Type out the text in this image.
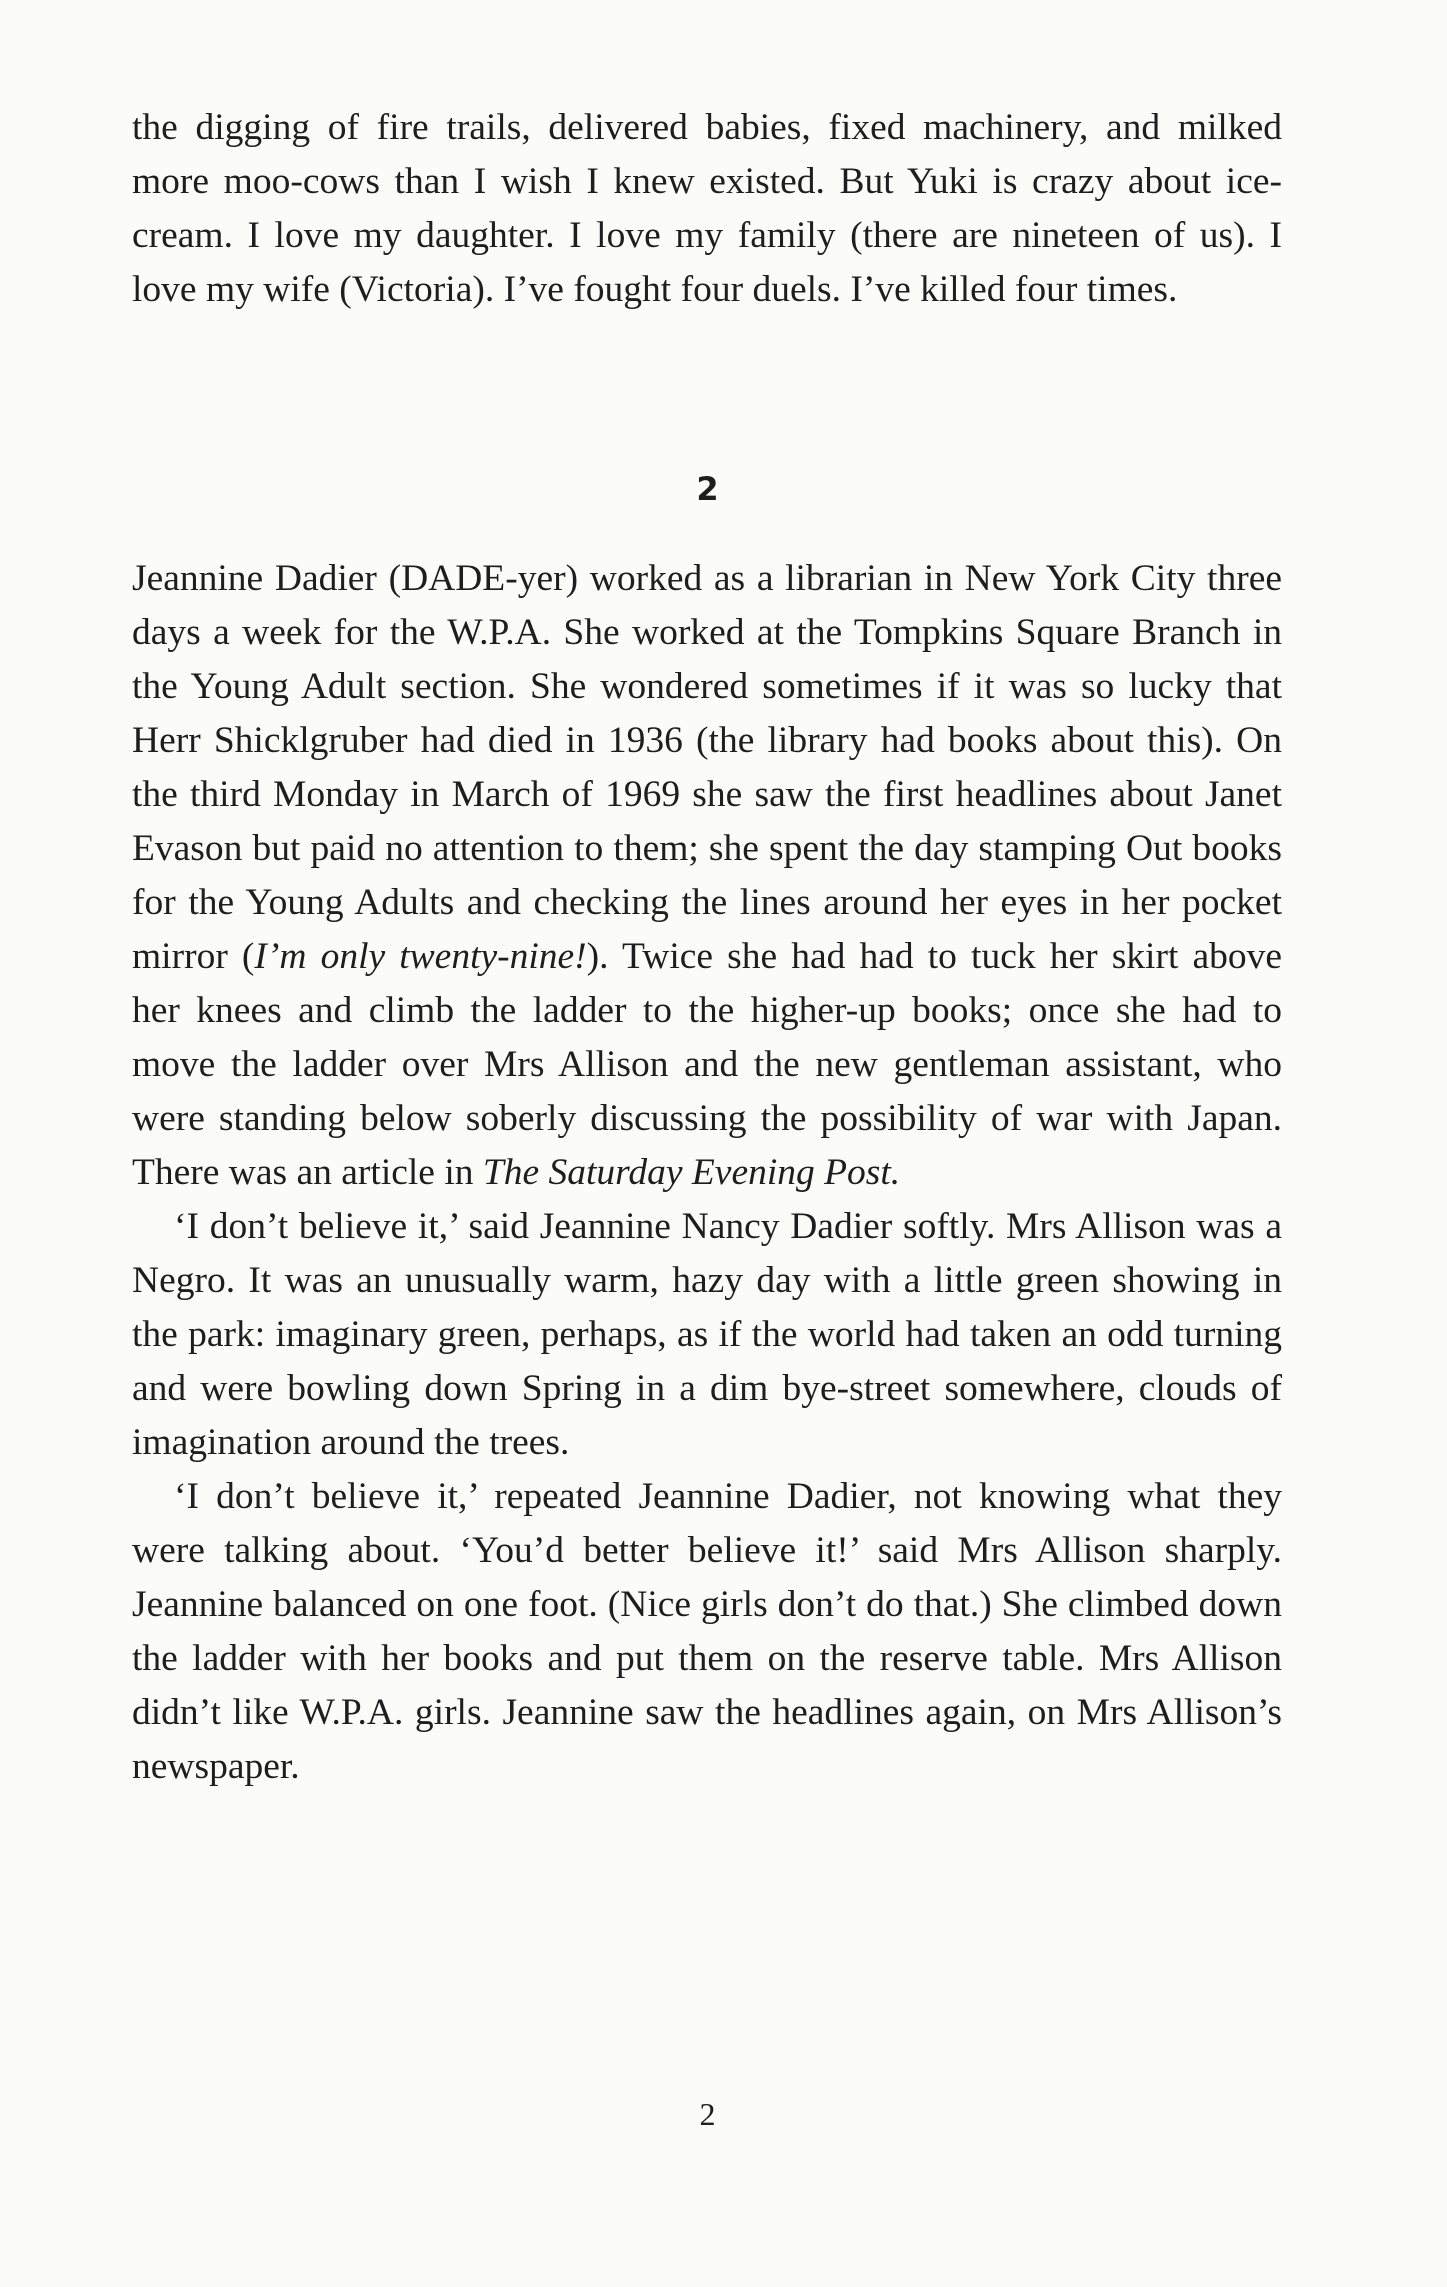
the digging of fire trails, delivered babies, fixed machinery, and milked more moo-cows than I wish I knew existed. But Yuki is crazy about ice-cream. I love my daughter. I love my family (there are nineteen of us). I love my wife (Victoria). I’ve fought four duels. I’ve killed four times.

2

Jeannine Dadier (DADE-yer) worked as a librarian in New York City three days a week for the W.P.A. She worked at the Tompkins Square Branch in the Young Adult section. She wondered sometimes if it was so lucky that Herr Shicklgruber had died in 1936 (the library had books about this). On the third Monday in March of 1969 she saw the first headlines about Janet Evason but paid no attention to them; she spent the day stamping Out books for the Young Adults and checking the lines around her eyes in her pocket mirror (I’m only twenty-nine!). Twice she had had to tuck her skirt above her knees and climb the ladder to the higher-up books; once she had to move the ladder over Mrs Allison and the new gentleman assistant, who were standing below soberly discussing the possibility of war with Japan. There was an article in The Saturday Evening Post.

‘I don’t believe it,’ said Jeannine Nancy Dadier softly. Mrs Allison was a Negro. It was an unusually warm, hazy day with a little green showing in the park: imaginary green, perhaps, as if the world had taken an odd turning and were bowling down Spring in a dim bye-street somewhere, clouds of imagination around the trees.

‘I don’t believe it,’ repeated Jeannine Dadier, not knowing what they were talking about. ‘You’d better believe it!’ said Mrs Allison sharply. Jeannine balanced on one foot. (Nice girls don’t do that.) She climbed down the ladder with her books and put them on the reserve table. Mrs Allison didn’t like W.P.A. girls. Jeannine saw the headlines again, on Mrs Allison’s newspaper.

2
